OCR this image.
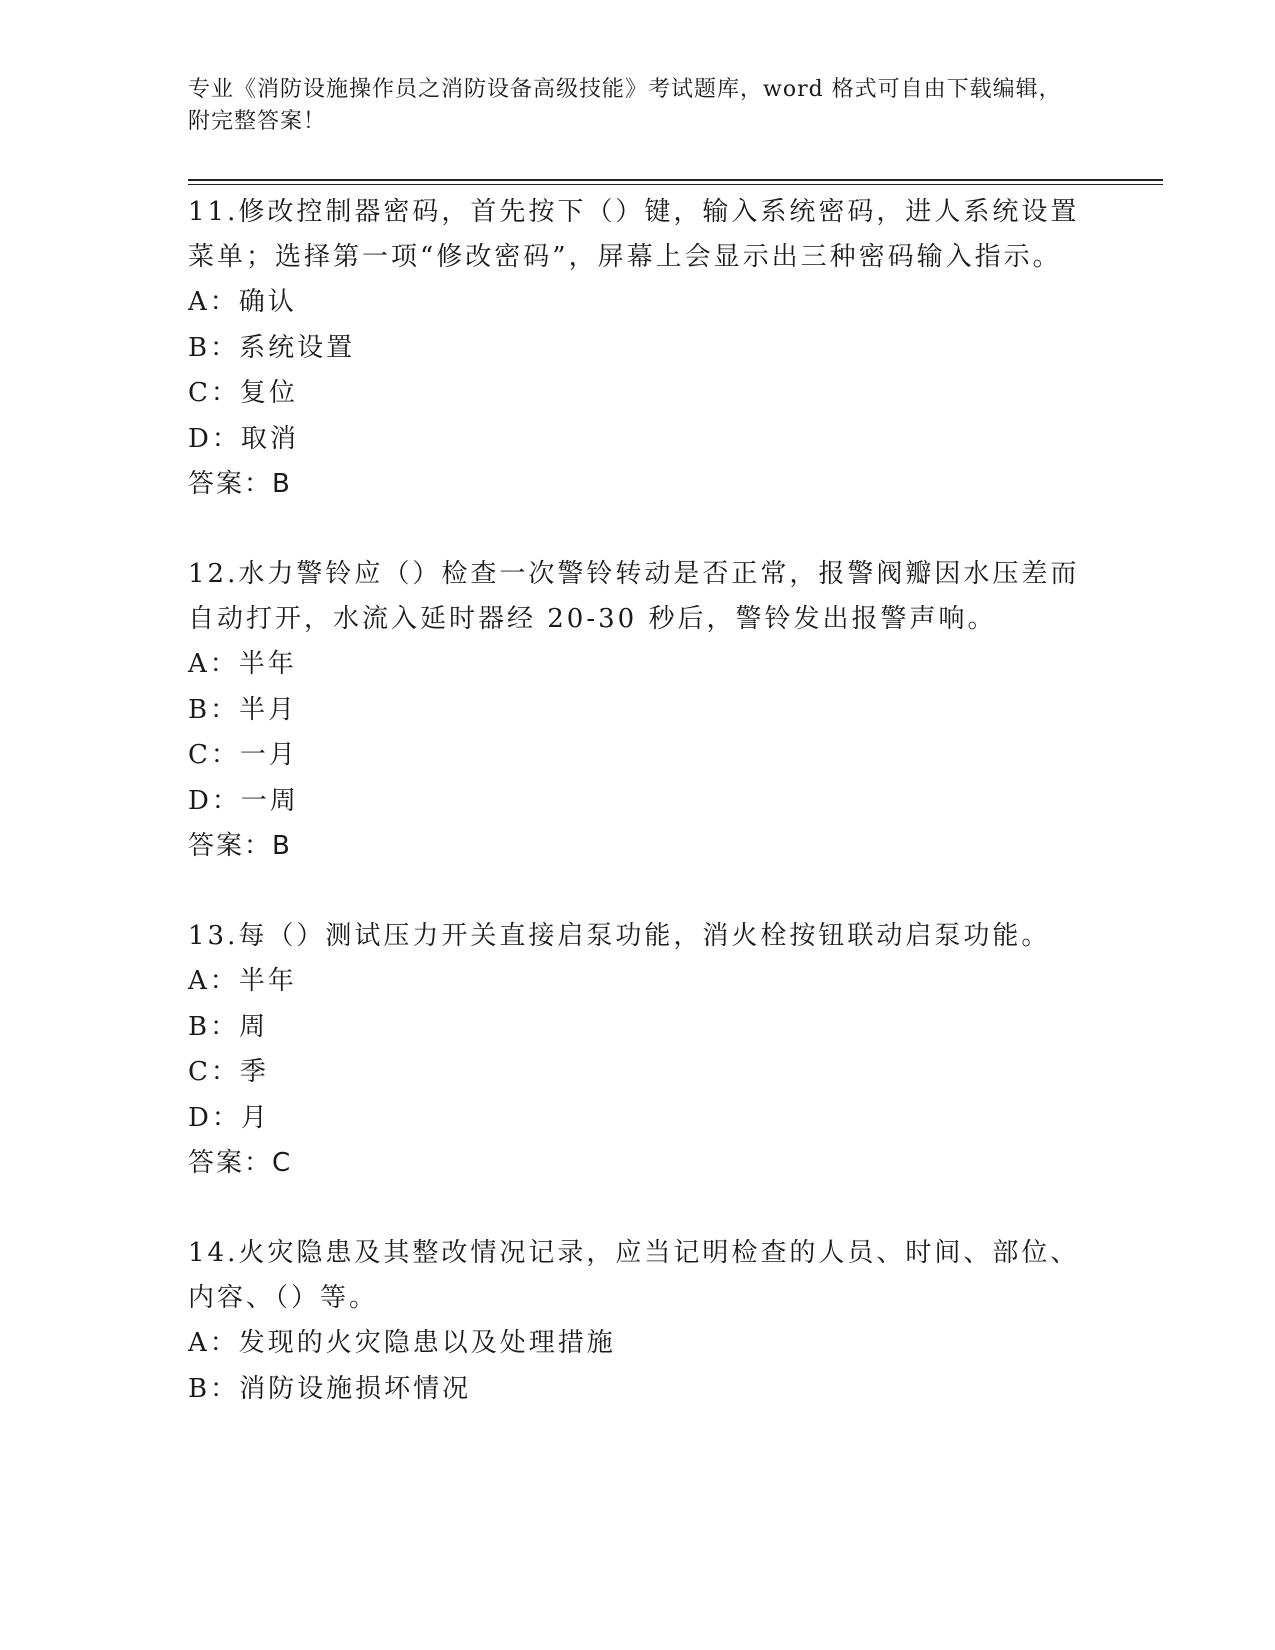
专业《消防设施操作员之消防设备高级技能》考试题库，word 格式可自由下载编辑，附完整答案！

11.修改控制器密码，首先按下（）键，输入系统密码，进人系统设置菜单；选择第一项“修改密码”，屏幕上会显示出三种密码输入指示。

A：确认

B：系统设置

C：复位

D：取消

答案：B

12.水力警铃应（）检查一次警铃转动是否正常，报警阀瓣因水压差而自动打开，水流入延时器经 20-30 秒后，警铃发出报警声响。

A：半年

B：半月

C：一月

D：一周

答案：B

13.每（）测试压力开关直接启泵功能，消火栓按钮联动启泵功能。

A：半年

B：周

C：季

D：月

答案：C

14.火灾隐患及其整改情况记录，应当记明检查的人员、时间、部位、内容、（）等。

A：发现的火灾隐患以及处理措施

B：消防设施损坏情况
